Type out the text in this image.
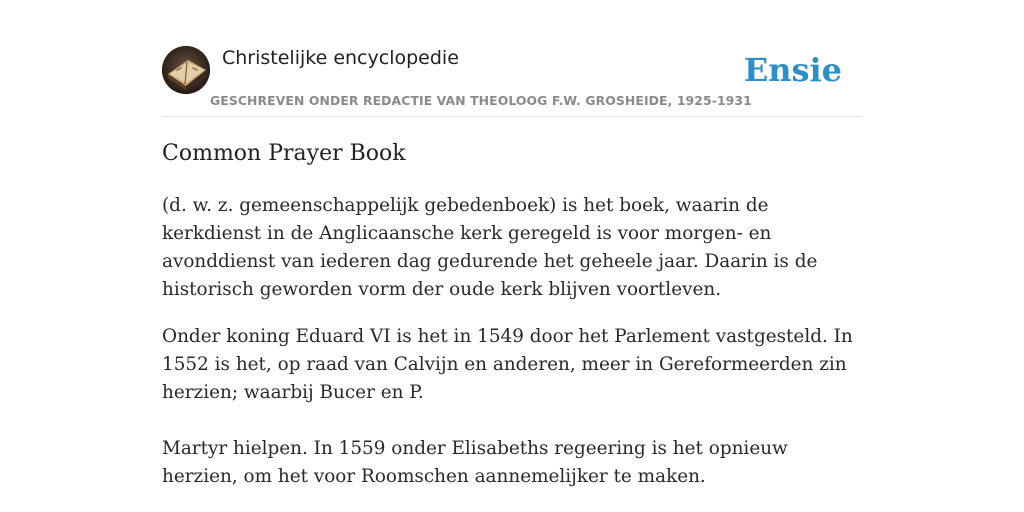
Christelijke encyclopedie
GESCHREVEN ONDER REDACTIE VAN THEOLOOG F.W. GROSHEIDE, 1925-1931
Ensie
Common Prayer Book

(d. w. z. gemeenschappelijk gebedenboek) is het boek, waarin de kerkdienst in de Anglicaansche kerk geregeld is voor morgen- en avonddienst van iederen dag gedurende het geheele jaar. Daarin is de historisch geworden vorm der oude kerk blijven voortleven.

Onder koning Eduard VI is het in 1549 door het Parlement vastgesteld. In 1552 is het, op raad van Calvijn en anderen, meer in Gereformeerden zin herzien; waarbij Bucer en P.

Martyr hielpen. In 1559 onder Elisabeths regeering is het opnieuw herzien, om het voor Roomschen aannemelijker te maken.
